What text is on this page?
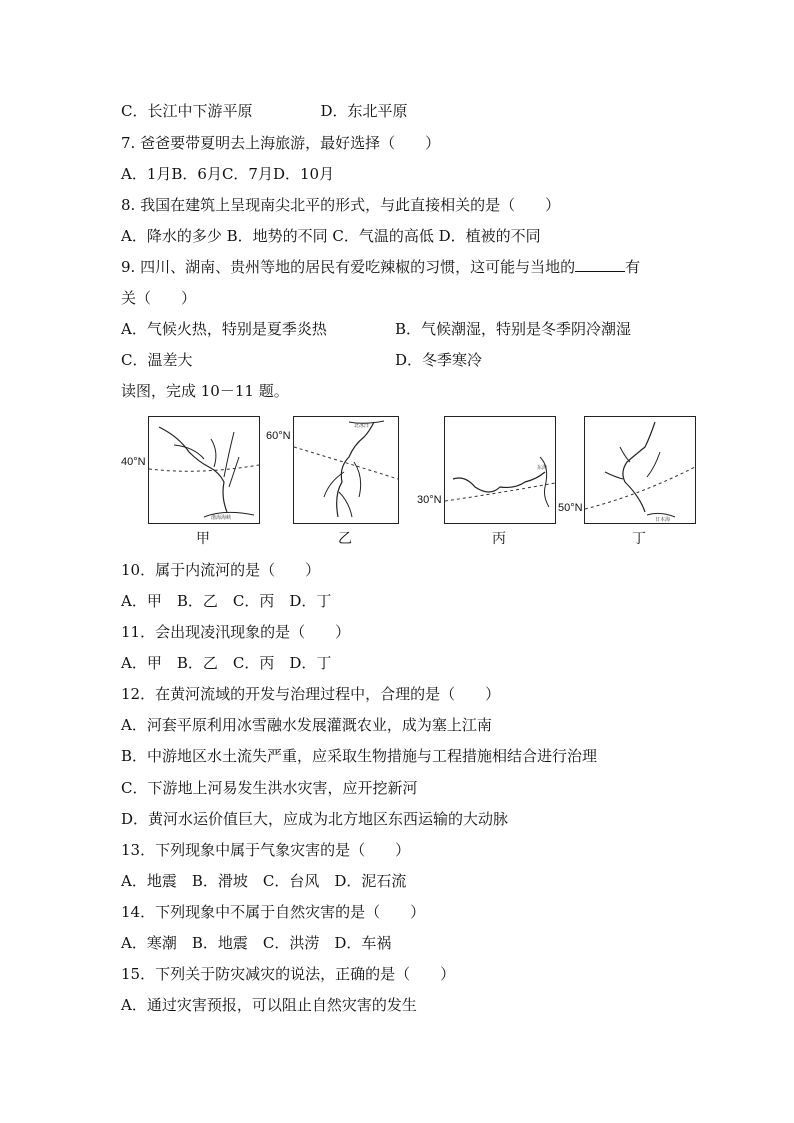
C．长江中下游平原	D．东北平原
7. 爸爸要带夏明去上海旅游，最好选择（　　）
A．1月B．6月C．7月D．10月
8. 我国在建筑上呈现南尖北平的形式，与此直接相关的是（　　）
A．降水的多少 B．地势的不同 C．气温的高低 D．植被的不同
9. 四川、湖南、贵州等地的居民有爱吃辣椒的习惯，这可能与当地的	有
关（　　）
A．气候火热，特别是夏季炎热	B．气候潮湿，特别是冬季阴冷潮湿
C．温差大	D．冬季寒冷
读图，完成 10－11 题。
渤海海峡
40°N
甲
北冰洋
60°N
乙
东海
30°N
丙
日本海
50°N
丁
10．属于内流河的是（　　）
A．甲　B．乙　C．丙　D．丁
11．会出现凌汛现象的是（　　）
A．甲　B．乙　C．丙　D．丁
12．在黄河流域的开发与治理过程中，合理的是（　　）
A．河套平原利用冰雪融水发展灌溉农业，成为塞上江南
B．中游地区水土流失严重，应采取生物措施与工程措施相结合进行治理
C．下游地上河易发生洪水灾害，应开挖新河
D．黄河水运价值巨大，应成为北方地区东西运输的大动脉
13．下列现象中属于气象灾害的是（　　）
A．地震　B．滑坡　C．台风　D．泥石流
14．下列现象中不属于自然灾害的是（　　）
A．寒潮　B．地震　C．洪涝　D．车祸
15．下列关于防灾减灾的说法，正确的是（　　）
A．通过灾害预报，可以阻止自然灾害的发生
